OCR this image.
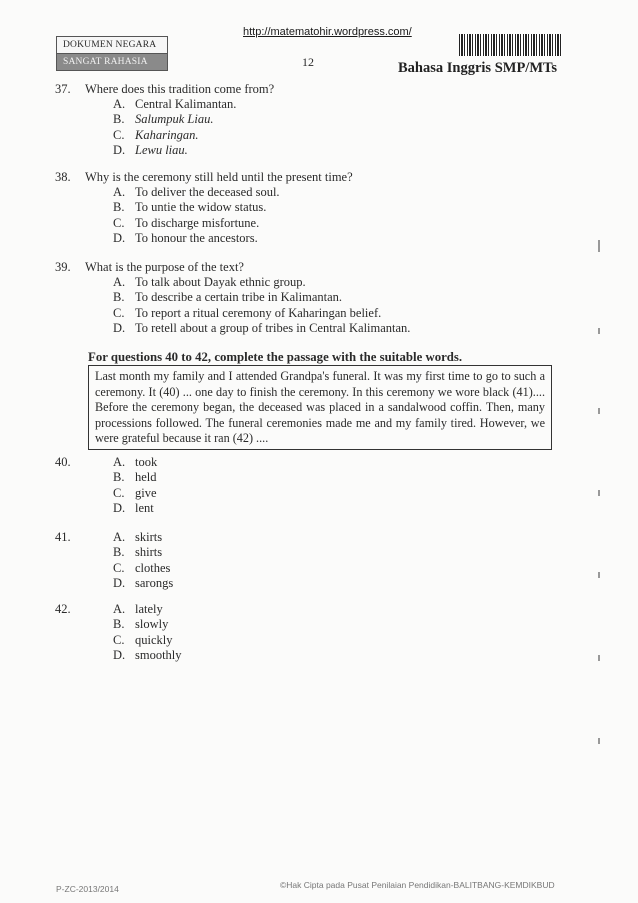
http://matematohir.wordpress.com/
DOKUMEN NEGARA
SANGAT RAHASIA	12	Bahasa Inggris SMP/MTs
37. Where does this tradition come from?
A. Central Kalimantan.
B. Salumpuk Liau.
C. Kaharingan.
D. Lewu liau.
38. Why is the ceremony still held until the present time?
A. To deliver the deceased soul.
B. To untie the widow status.
C. To discharge misfortune.
D. To honour the ancestors.
39. What is the purpose of the text?
A. To talk about Dayak ethnic group.
B. To describe a certain tribe in Kalimantan.
C. To report a ritual ceremony of Kaharingan belief.
D. To retell about a group of tribes in Central Kalimantan.
For questions 40 to 42, complete the passage with the suitable words.
Last month my family and I attended Grandpa's funeral. It was my first time to go to such a ceremony. It (40) ... one day to finish the ceremony. In this ceremony we wore black (41).... Before the ceremony began, the deceased was placed in a sandalwood coffin. Then, many processions followed. The funeral ceremonies made me and my family tired. However, we were grateful because it ran (42) ....
40.	A. took
B. held
C. give
D. lent
41.	A. skirts
B. shirts
C. clothes
D. sarongs
42.	A. lately
B. slowly
C. quickly
D. smoothly
P-ZC-2013/2014	©Hak Cipta pada Pusat Penilaian Pendidikan-BALITBANG-KEMDIKBUD
